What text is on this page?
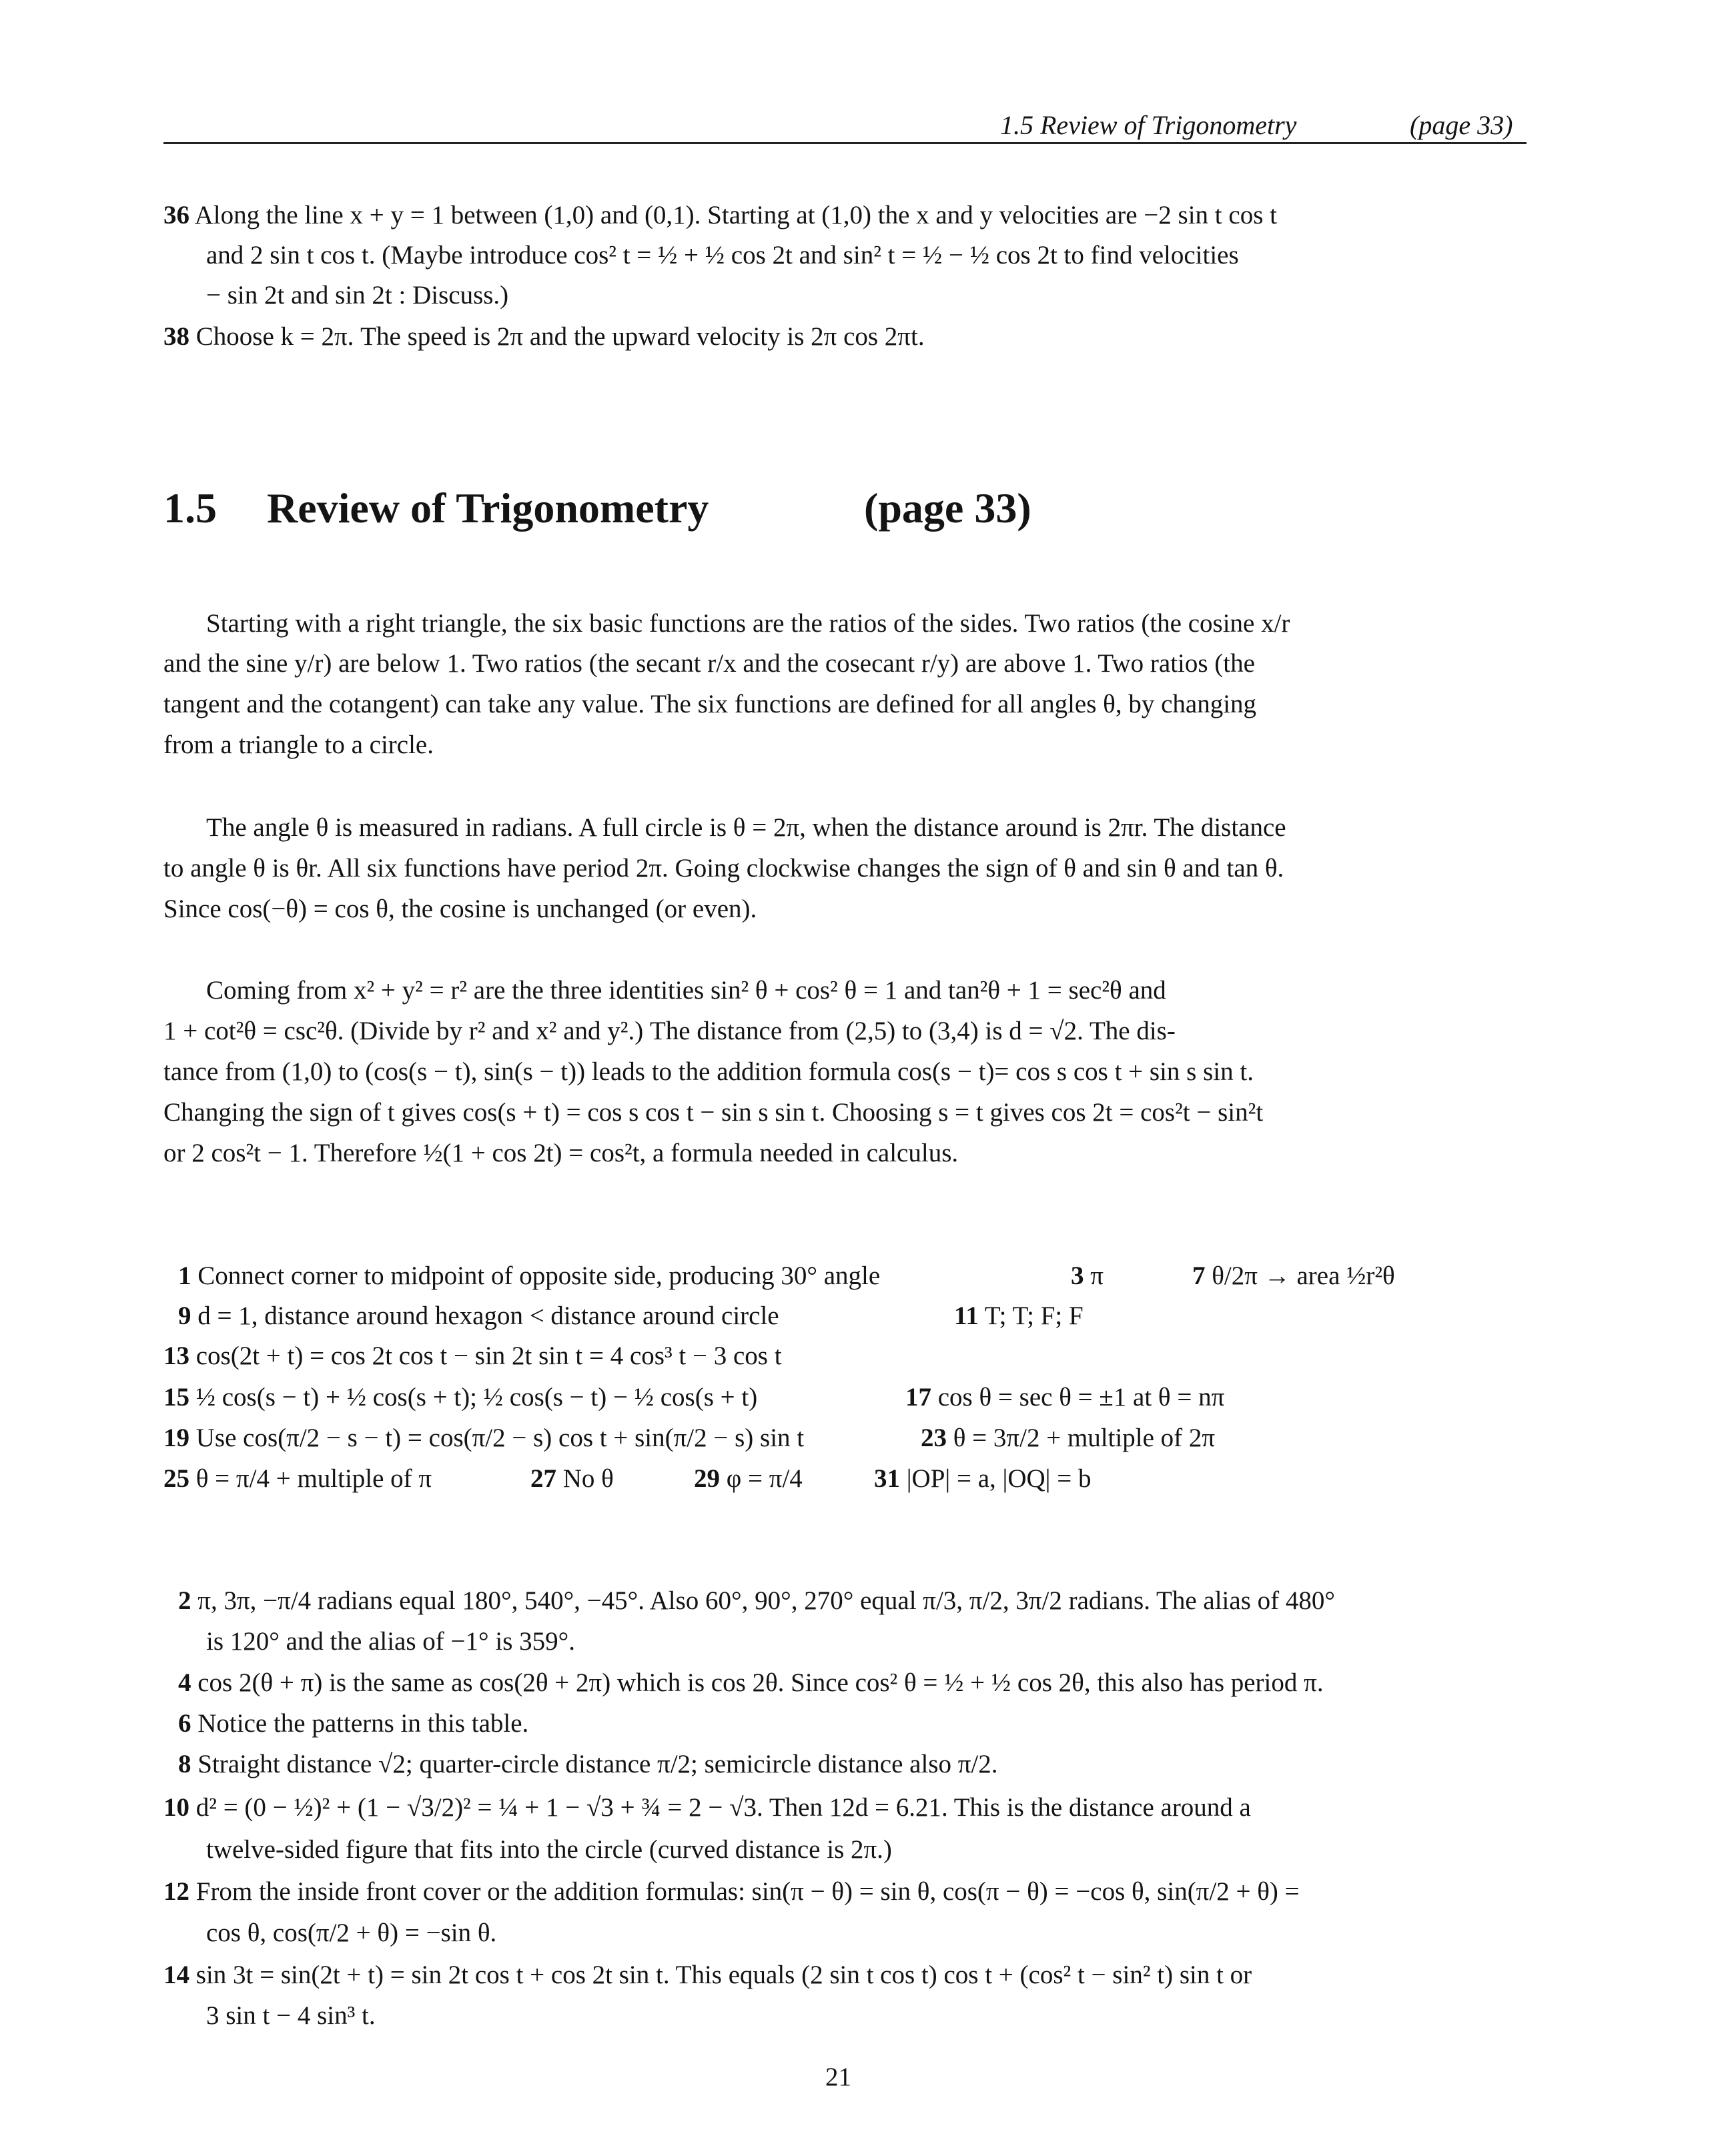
1.5 Review of Trigonometry	(page 33)
36 Along the line x + y = 1 between (1,0) and (0,1). Starting at (1,0) the x and y velocities are −2 sin t cos t
and 2 sin t cos t. (Maybe introduce cos² t = ½ + ½ cos 2t and sin² t = ½ − ½ cos 2t to find velocities
− sin 2t and sin 2t : Discuss.)
38 Choose k = 2π. The speed is 2π and the upward velocity is 2π cos 2πt.
1.5	Review of Trigonometry	(page 33)
Starting with a right triangle, the six basic functions are the ratios of the sides. Two ratios (the cosine x/r
and the sine y/r) are below 1. Two ratios (the secant r/x and the cosecant r/y) are above 1. Two ratios (the
tangent and the cotangent) can take any value. The six functions are defined for all angles θ, by changing
from a triangle to a circle.
The angle θ is measured in radians. A full circle is θ = 2π, when the distance around is 2πr. The distance
to angle θ is θr. All six functions have period 2π. Going clockwise changes the sign of θ and sin θ and tan θ.
Since cos(−θ) = cos θ, the cosine is unchanged (or even).
Coming from x² + y² = r² are the three identities sin² θ + cos² θ = 1 and tan²θ + 1 = sec²θ and
1 + cot²θ = csc²θ. (Divide by r² and x² and y².) The distance from (2,5) to (3,4) is d = √2. The dis-
tance from (1,0) to (cos(s − t), sin(s − t)) leads to the addition formula cos(s − t)= cos s cos t + sin s sin t.
Changing the sign of t gives cos(s + t) = cos s cos t − sin s sin t. Choosing s = t gives cos 2t = cos²t − sin²t
or 2 cos²t − 1. Therefore ½(1 + cos 2t) = cos²t, a formula needed in calculus.
1 Connect corner to midpoint of opposite side, producing 30° angle	3 π	7 θ/2π → area ½r²θ
9 d = 1, distance around hexagon < distance around circle	11 T; T; F; F
13 cos(2t + t) = cos 2t cos t − sin 2t sin t = 4 cos³ t − 3 cos t
15 ½ cos(s − t) + ½ cos(s + t); ½ cos(s − t) − ½ cos(s + t)	17 cos θ = sec θ = ±1 at θ = nπ
19 Use cos(π/2 − s − t) = cos(π/2 − s) cos t + sin(π/2 − s) sin t	23 θ = 3π/2 + multiple of 2π
25 θ = π/4 + multiple of π	27 No θ	29 φ = π/4	31 |OP| = a, |OQ| = b
2 π, 3π, −π/4 radians equal 180°, 540°, −45°. Also 60°, 90°, 270° equal π/3, π/2, 3π/2 radians. The alias of 480°
is 120° and the alias of −1° is 359°.
4 cos 2(θ + π) is the same as cos(2θ + 2π) which is cos 2θ. Since cos² θ = ½ + ½ cos 2θ, this also has period π.
6 Notice the patterns in this table.
8 Straight distance √2; quarter-circle distance π/2; semicircle distance also π/2.
10 d² = (0 − ½)² + (1 − √3/2)² = ¼ + 1 − √3 + ¾ = 2 − √3. Then 12d = 6.21. This is the distance around a
twelve-sided figure that fits into the circle (curved distance is 2π.)
12 From the inside front cover or the addition formulas: sin(π − θ) = sin θ, cos(π − θ) = −cos θ, sin(π/2 + θ) =
cos θ, cos(π/2 + θ) = −sin θ.
14 sin 3t = sin(2t + t) = sin 2t cos t + cos 2t sin t. This equals (2 sin t cos t) cos t + (cos² t − sin² t) sin t or
3 sin t − 4 sin³ t.
21
